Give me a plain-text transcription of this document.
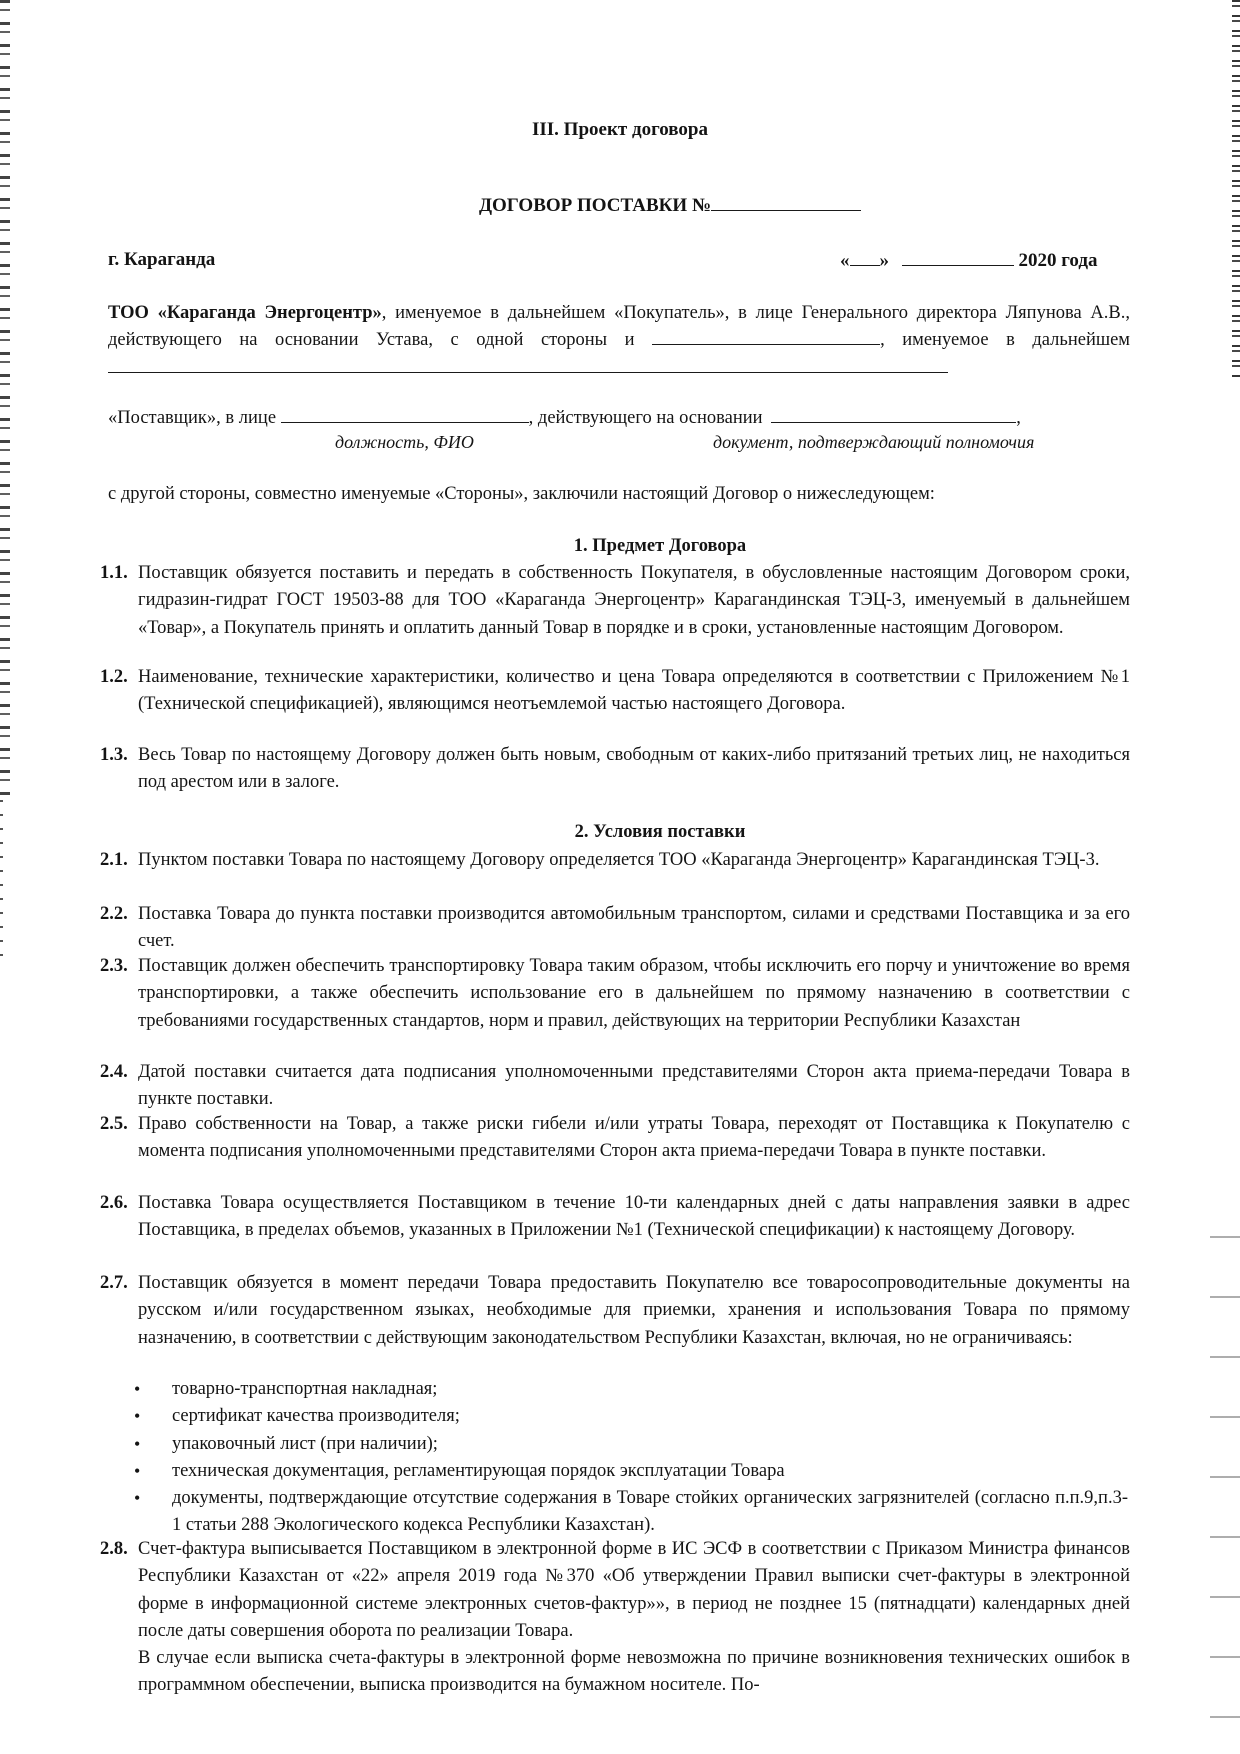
III. Проект договора
ДОГОВОР ПОСТАВКИ №
г. Караганда	« »	2020 года
ТОО «Караганда Энергоцентр», именуемое в дальнейшем «Покупатель», в лице Генерального директора Ляпунова А.В., действующего на основании Устава, с одной стороны и	, именуемое в дальнейшем
«Поставщик», в лице	, действующего на основании	,
должность, ФИО	документ, подтверждающий полномочия
с другой стороны, совместно именуемые «Стороны», заключили настоящий Договор о нижеследующем:
1. Предмет Договора
1.1. Поставщик обязуется поставить и передать в собственность Покупателя, в обусловленные настоящим Договором сроки, гидразин-гидрат ГОСТ 19503-88 для ТОО «Караганда Энергоцентр» Карагандинская ТЭЦ-3, именуемый в дальнейшем «Товар», а Покупатель принять и оплатить данный Товар в порядке и в сроки, установленные настоящим Договором.
1.2. Наименование, технические характеристики, количество и цена Товара определяются в соответствии с Приложением №1 (Технической спецификацией), являющимся неотъемлемой частью настоящего Договора.
1.3. Весь Товар по настоящему Договору должен быть новым, свободным от каких-либо притязаний третьих лиц, не находиться под арестом или в залоге.
2. Условия поставки
2.1. Пунктом поставки Товара по настоящему Договору определяется ТОО «Караганда Энергоцентр» Карагандинская ТЭЦ-3.
2.2. Поставка Товара до пункта поставки производится автомобильным транспортом, силами и средствами Поставщика и за его счет.
2.3. Поставщик должен обеспечить транспортировку Товара таким образом, чтобы исключить его порчу и уничтожение во время транспортировки, а также обеспечить использование его в дальнейшем по прямому назначению в соответствии с требованиями государственных стандартов, норм и правил, действующих на территории Республики Казахстан
2.4. Датой поставки считается дата подписания уполномоченными представителями Сторон акта приема-передачи Товара в пункте поставки.
2.5. Право собственности на Товар, а также риски гибели и/или утраты Товара, переходят от Поставщика к Покупателю с момента подписания уполномоченными представителями Сторон акта приема-передачи Товара в пункте поставки.
2.6. Поставка Товара осуществляется Поставщиком в течение 10-ти календарных дней с даты направления заявки в адрес Поставщика, в пределах объемов, указанных в Приложении №1 (Технической спецификации) к настоящему Договору.
2.7. Поставщик обязуется в момент передачи Товара предоставить Покупателю все товаросопроводительные документы на русском и/или государственном языках, необходимые для приемки, хранения и использования Товара по прямому назначению, в соответствии с действующим законодательством Республики Казахстан, включая, но не ограничиваясь:
• товарно-транспортная накладная;
• сертификат качества производителя;
• упаковочный лист (при наличии);
• техническая документация, регламентирующая порядок эксплуатации Товара
• документы, подтверждающие отсутствие содержания в Товаре стойких органических загрязнителей (согласно п.п.9,п.3-1 статьи 288 Экологического кодекса Республики Казахстан).
2.8. Счет-фактура выписывается Поставщиком в электронной форме в ИС ЭСФ в соответствии с Приказом Министра финансов Республики Казахстан от «22» апреля 2019 года №370 «Об утверждении Правил выписки счет-фактуры в электронной форме в информационной системе электронных счетов-фактур»», в период не позднее 15 (пятнадцати) календарных дней после даты совершения оборота по реализации Товара.
В случае если выписка счета-фактуры в электронной форме невозможна по причине возникновения технических ошибок в программном обеспечении, выписка производится на бумажном носителе. По-
